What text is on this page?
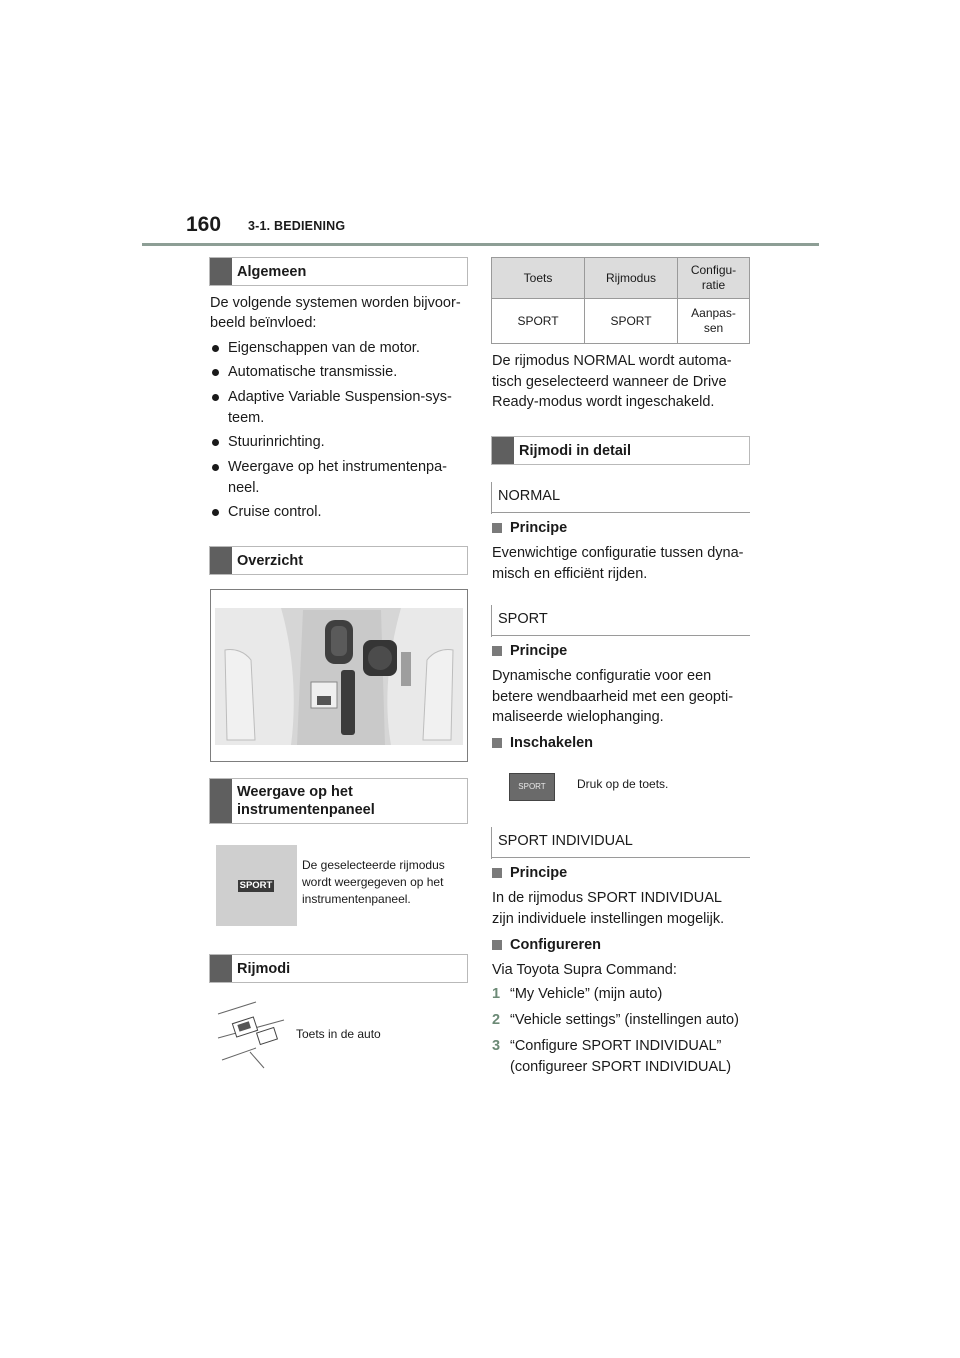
160 3-1. BEDIENING
Algemeen
De volgende systemen worden bijvoor-
beeld beïnvloed:
Eigenschappen van de motor.
Automatische transmissie.
Adaptive Variable Suspension-sys-
teem.
Stuurinrichting.
Weergave op het instrumentenpa-
neel.
Cruise control.
Overzicht
Weergave op het
instrumentenpaneel
SPORT
De geselecteerde rijmodus
wordt weergegeven op het
instrumentenpaneel.
Rijmodi
Toets in de auto
Toets	Rijmodus	Configu-
ratie
SPORT	SPORT	Aanpas-
sen
De rijmodus NORMAL wordt automa-
tisch geselecteerd wanneer de Drive
Ready-modus wordt ingeschakeld.
Rijmodi in detail
NORMAL
Principe
Evenwichtige configuratie tussen dyna-
misch en efficiënt rijden.
SPORT
Principe
Dynamische configuratie voor een
betere wendbaarheid met een geopti-
maliseerde wielophanging.
Inschakelen
SPORT	Druk op de toets.
SPORT INDIVIDUAL
Principe
In de rijmodus SPORT INDIVIDUAL
zijn individuele instellingen mogelijk.
Configureren
Via Toyota Supra Command:
1 “My Vehicle” (mijn auto)
2 “Vehicle settings” (instellingen auto)
3 “Configure SPORT INDIVIDUAL”
(configureer SPORT INDIVIDUAL)
